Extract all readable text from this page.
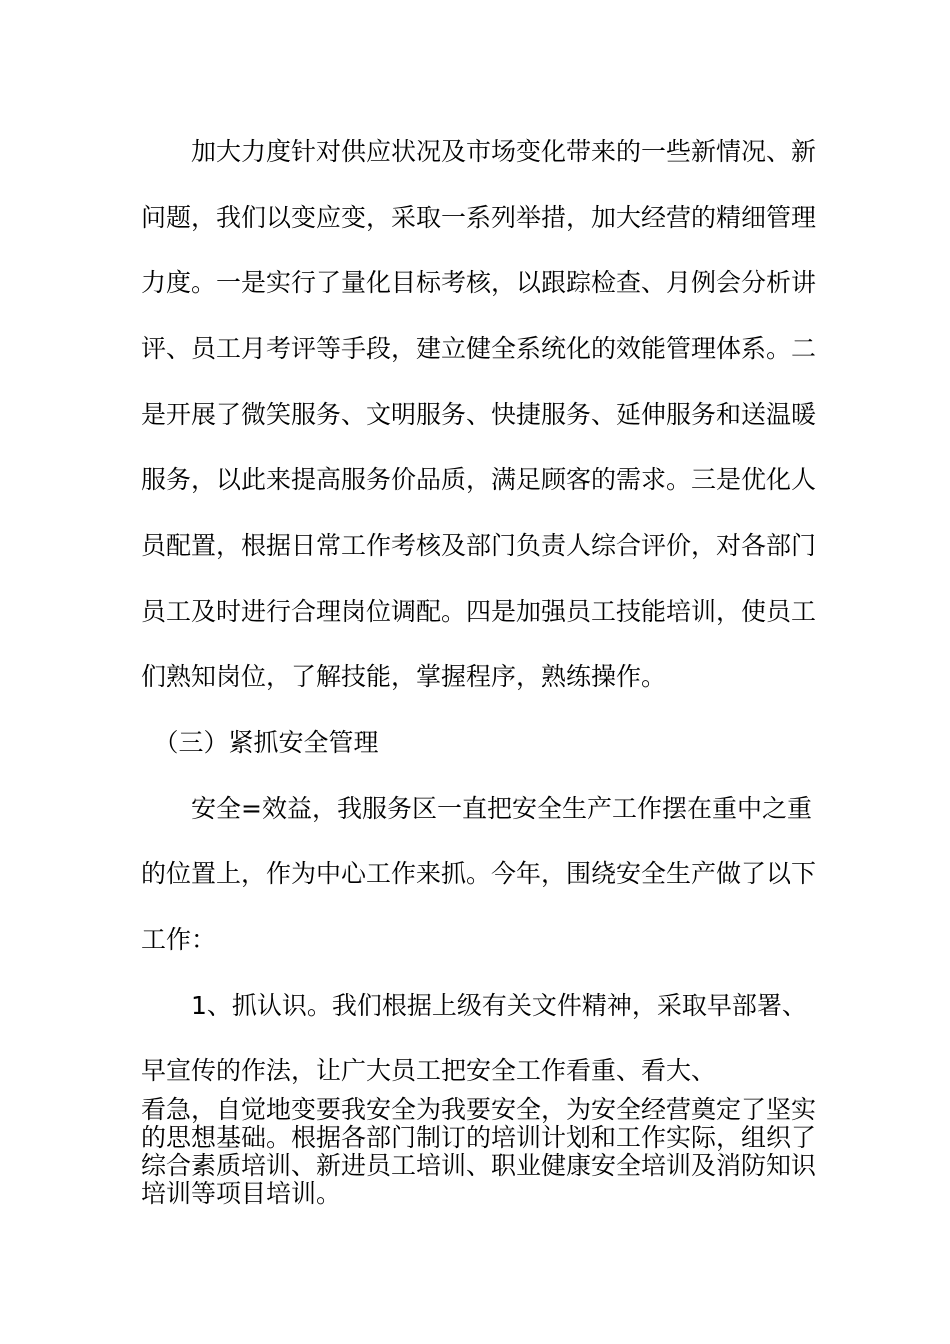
　　加大力度针对供应状况及市场变化带来的一些新情况、新

问题，我们以变应变，采取一系列举措，加大经营的精细管理

力度。一是实行了量化目标考核，以跟踪检查、月例会分析讲

评、员工月考评等手段，建立健全系统化的效能管理体系。二

是开展了微笑服务、文明服务、快捷服务、延伸服务和送温暖

服务，以此来提高服务价品质，满足顾客的需求。三是优化人

员配置，根据日常工作考核及部门负责人综合评价，对各部门

员工及时进行合理岗位调配。四是加强员工技能培训，使员工

们熟知岗位，了解技能，掌握程序，熟练操作。

　（三）紧抓安全管理

　　安全=效益，我服务区一直把安全生产工作摆在重中之重

的位置上，作为中心工作来抓。今年，围绕安全生产做了以下

工作：

　　1、抓认识。我们根据上级有关文件精神，采取早部署、

早宣传的作法，让广大员工把安全工作看重、看大、

看急，自觉地变要我安全为我要安全，为安全经营奠定了坚实

的思想基础。根据各部门制订的培训计划和工作实际，组织了

综合素质培训、新进员工培训、职业健康安全培训及消防知识

培训等项目培训。
